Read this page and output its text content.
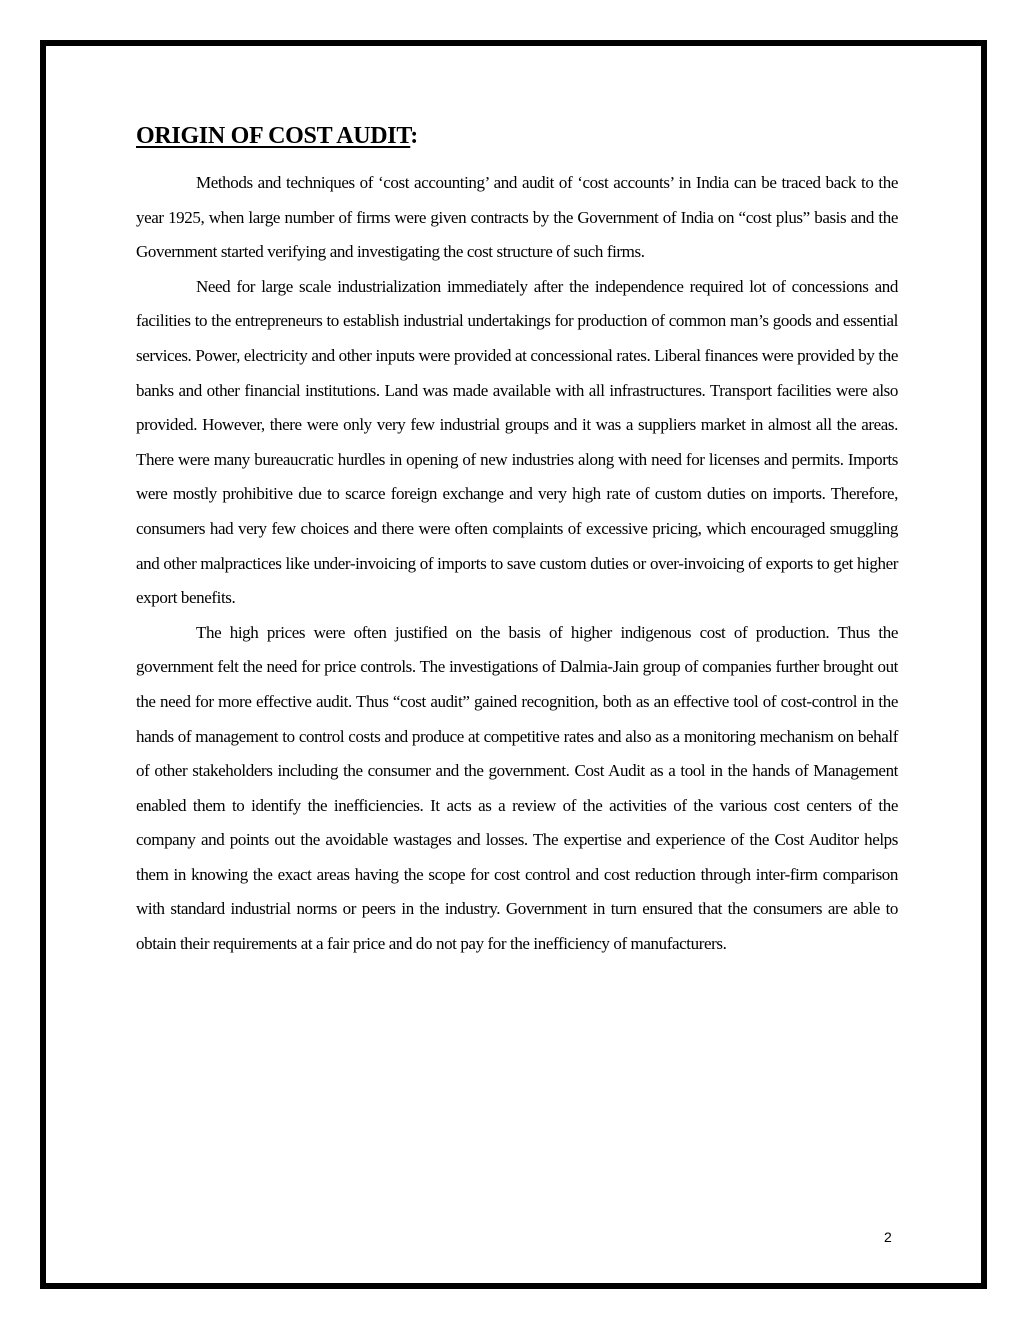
ORIGIN OF COST AUDIT:

Methods and techniques of ‘cost accounting’ and audit of ‘cost accounts’ in India can be traced back to the year 1925, when large number of firms were given contracts by the Government of India on “cost plus” basis and the Government started verifying and investigating the cost structure of such firms.

Need for large scale industrialization immediately after the independence required lot of concessions and facilities to the entrepreneurs to establish industrial undertakings for production of common man’s goods and essential services. Power, electricity and other inputs were provided at concessional rates. Liberal finances were provided by the banks and other financial institutions. Land was made available with all infrastructures. Transport facilities were also provided. However, there were only very few industrial groups and it was a suppliers market in almost all the areas. There were many bureaucratic hurdles in opening of new industries along with need for licenses and permits. Imports were mostly prohibitive due to scarce foreign exchange and very high rate of custom duties on imports. Therefore, consumers had very few choices and there were often complaints of excessive pricing, which encouraged smuggling and other malpractices like under-invoicing of imports to save custom duties or over-invoicing of exports to get higher export benefits.

The high prices were often justified on the basis of higher indigenous cost of production. Thus the government felt the need for price controls. The investigations of Dalmia-Jain group of companies further brought out the need for more effective audit. Thus “cost audit” gained recognition, both as an effective tool of cost-control in the hands of management to control costs and produce at competitive rates and also as a monitoring mechanism on behalf of other stakeholders including the consumer and the government. Cost Audit as a tool in the hands of Management enabled them to identify the inefficiencies. It acts as a review of the activities of the various cost centers of the company and points out the avoidable wastages and losses. The expertise and experience of the Cost Auditor helps them in knowing the exact areas having the scope for cost control and cost reduction through inter-firm comparison with standard industrial norms or peers in the industry. Government in turn ensured that the consumers are able to obtain their requirements at a fair price and do not pay for the inefficiency of manufacturers.

2
